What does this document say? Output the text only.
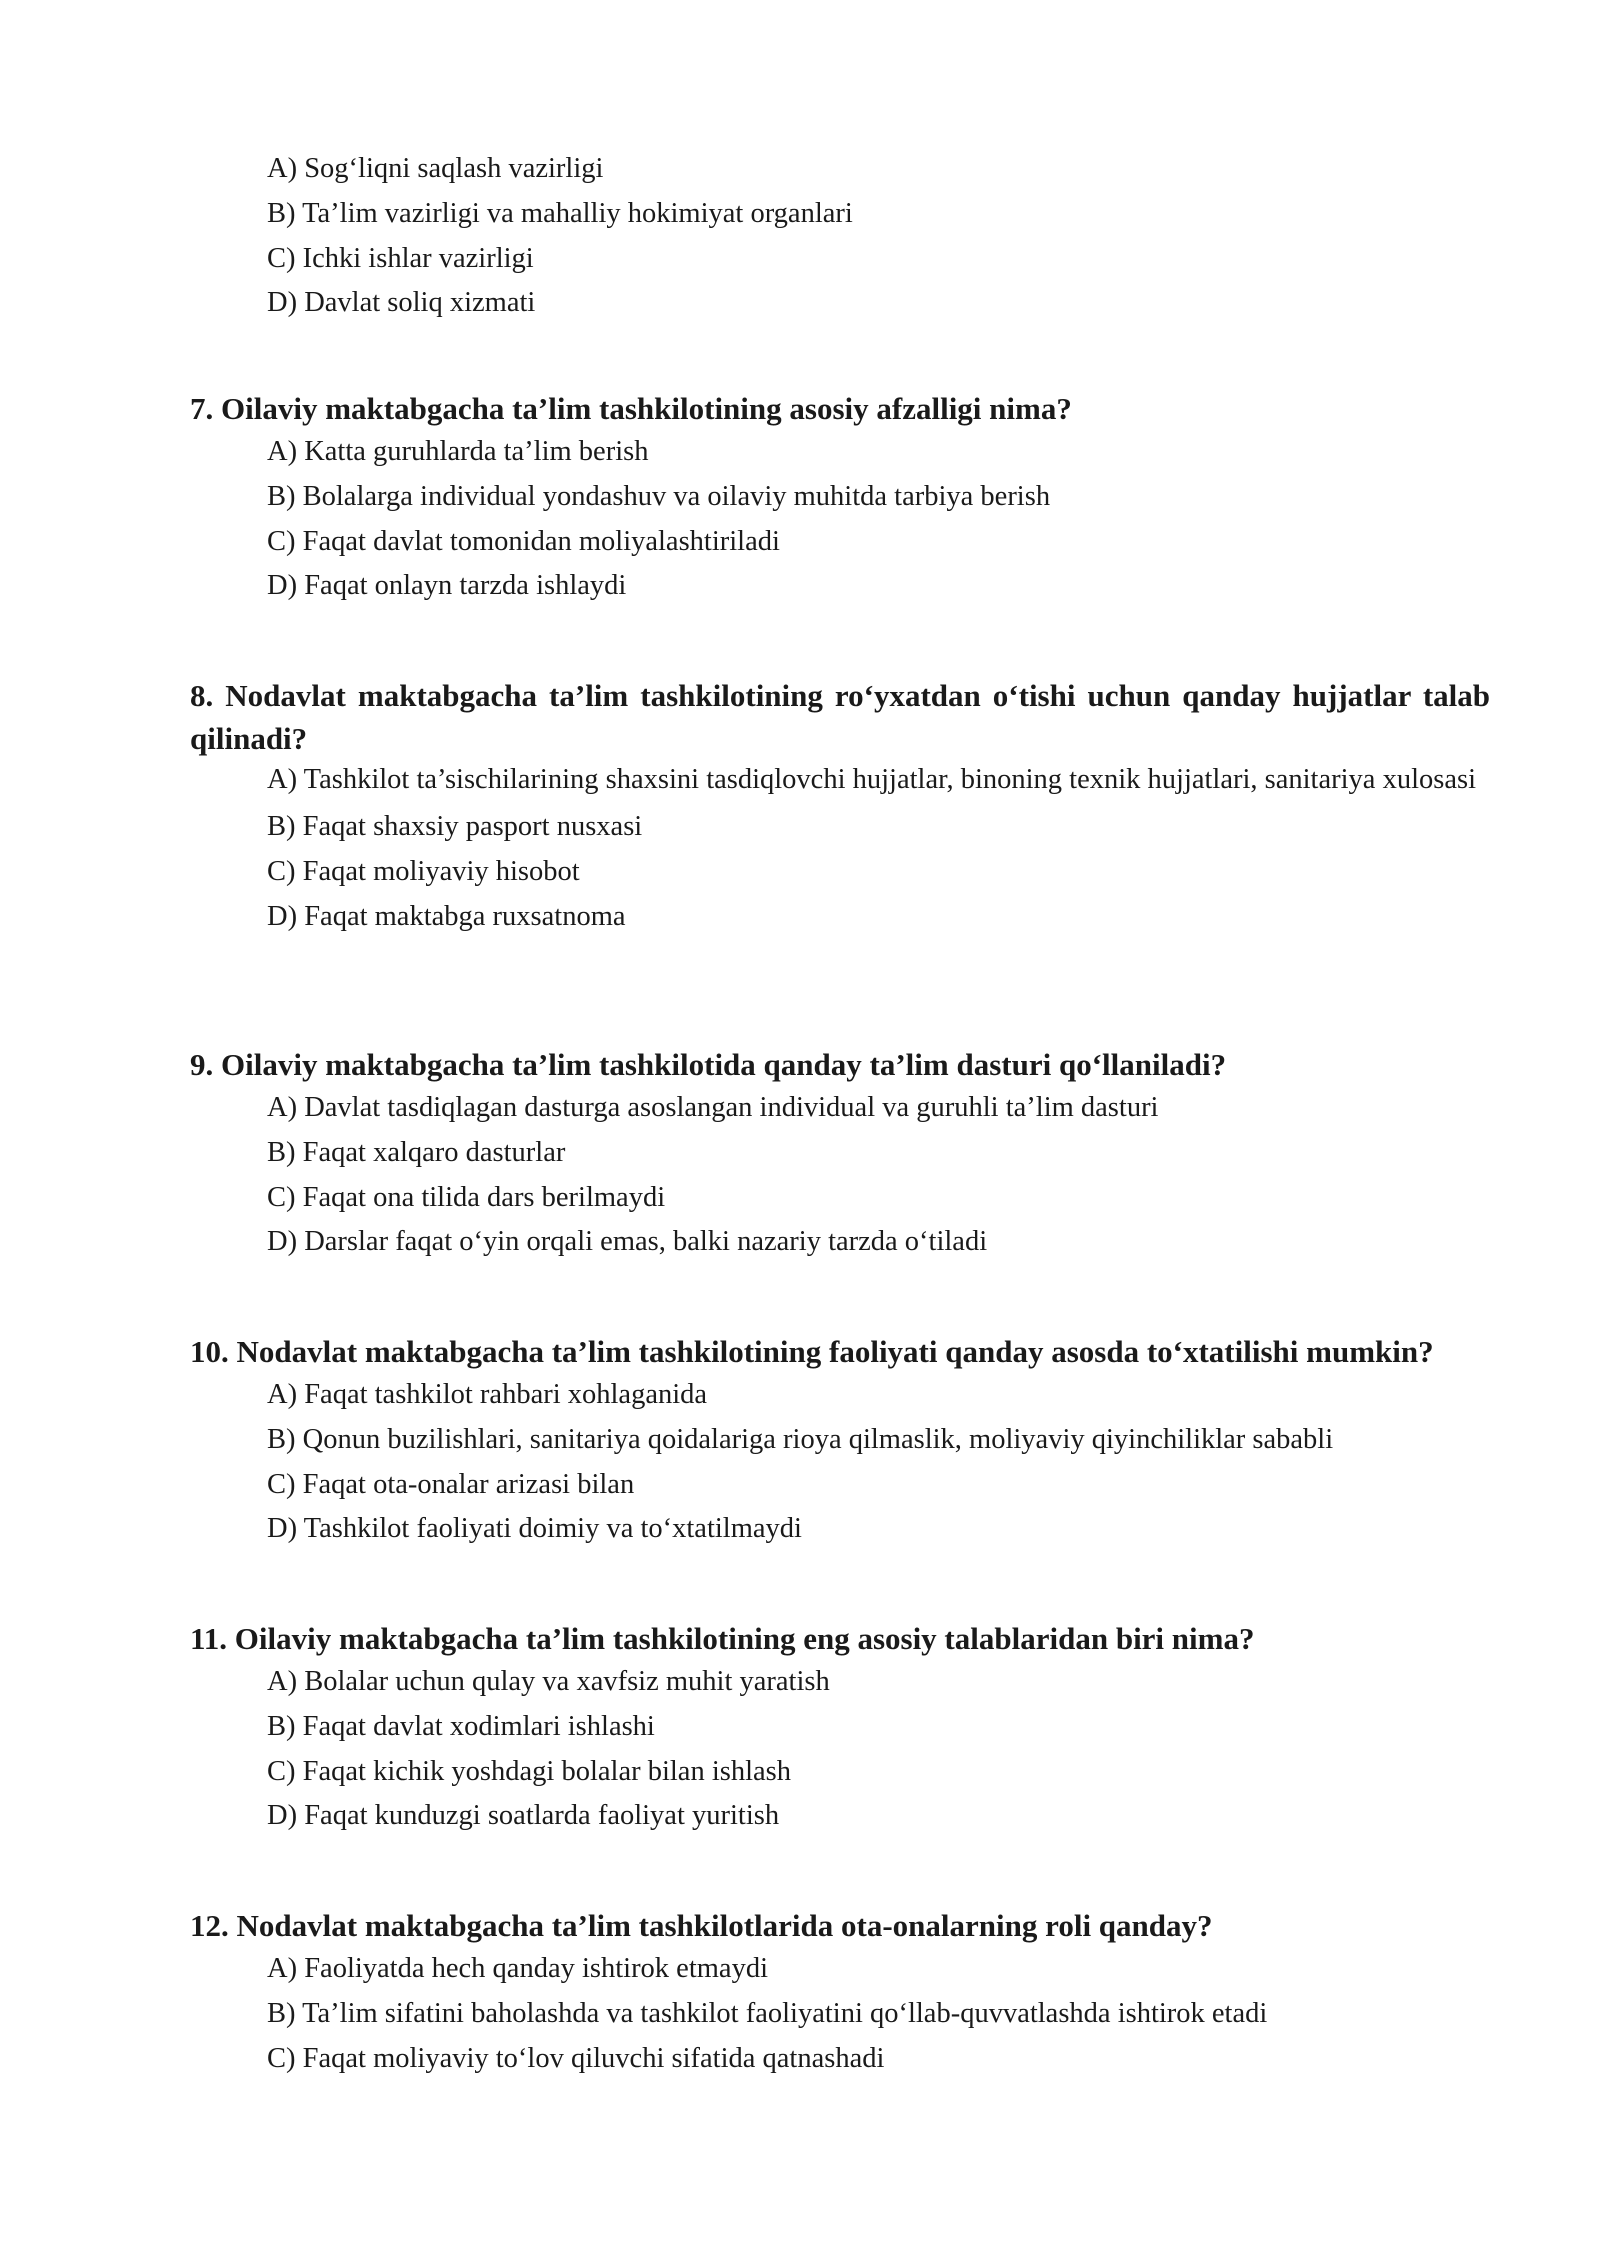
A) Sog‘liqni saqlash vazirligi
B) Ta’lim vazirligi va mahalliy hokimiyat organlari
C) Ichki ishlar vazirligi
D) Davlat soliq xizmati

7. Oilaviy maktabgacha ta’lim tashkilotining asosiy afzalligi nima?

A) Katta guruhlarda ta’lim berish
B) Bolalarga individual yondashuv va oilaviy muhitda tarbiya berish
C) Faqat davlat tomonidan moliyalashtiriladi
D) Faqat onlayn tarzda ishlaydi

8. Nodavlat maktabgacha ta’lim tashkilotining ro‘yxatdan o‘tishi uchun qanday hujjatlar talab qilinadi?

A) Tashkilot ta’sischilarining shaxsini tasdiqlovchi hujjatlar, binoning texnik hujjatlari, sanitariya xulosasi
B) Faqat shaxsiy pasport nusxasi
C) Faqat moliyaviy hisobot
D) Faqat maktabga ruxsatnoma

9. Oilaviy maktabgacha ta’lim tashkilotida qanday ta’lim dasturi qo‘llaniladi?

A) Davlat tasdiqlagan dasturga asoslangan individual va guruhli ta’lim dasturi
B) Faqat xalqaro dasturlar
C) Faqat ona tilida dars berilmaydi
D) Darslar faqat o‘yin orqali emas, balki nazariy tarzda o‘tiladi

10. Nodavlat maktabgacha ta’lim tashkilotining faoliyati qanday asosda to‘xtatilishi mumkin?

A) Faqat tashkilot rahbari xohlaganida
B) Qonun buzilishlari, sanitariya qoidalariga rioya qilmaslik, moliyaviy qiyinchiliklar sababli
C) Faqat ota-onalar arizasi bilan
D) Tashkilot faoliyati doimiy va to‘xtatilmaydi

11. Oilaviy maktabgacha ta’lim tashkilotining eng asosiy talablaridan biri nima?

A) Bolalar uchun qulay va xavfsiz muhit yaratish
B) Faqat davlat xodimlari ishlashi
C) Faqat kichik yoshdagi bolalar bilan ishlash
D) Faqat kunduzgi soatlarda faoliyat yuritish

12. Nodavlat maktabgacha ta’lim tashkilotlarida ota-onalarning roli qanday?

A) Faoliyatda hech qanday ishtirok etmaydi
B) Ta’lim sifatini baholashda va tashkilot faoliyatini qo‘llab-quvvatlashda ishtirok etadi
C) Faqat moliyaviy to‘lov qiluvchi sifatida qatnashadi
